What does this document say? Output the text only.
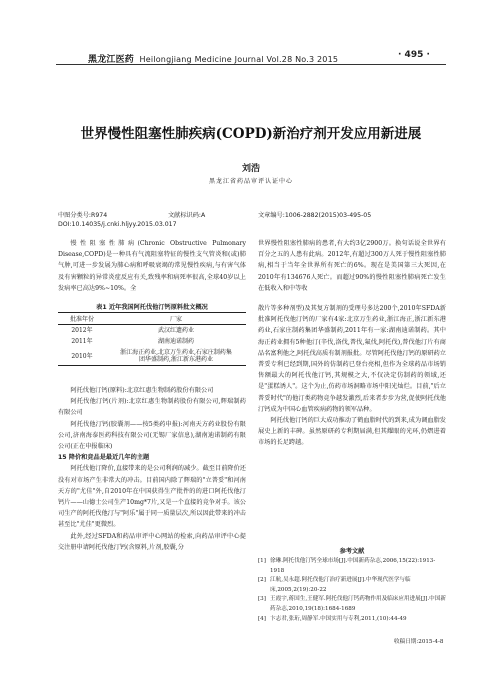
黑龙江医药 Heilongjiang Medicine Journal Vol.28 No.3 2015	· 495 ·
世界慢性阻塞性肺疾病(COPD)新治疗剂开发应用新进展
刘浩
黑龙江省药品审评认证中心
中图分类号:R974	文献标识码:A	文章编号:1006-2882(2015)03-495-05
DOI:10.14035/j.cnki.hljyy.2015.03.017

慢性阻塞性肺病(Chronic Obstructive Pulmonary Disease,COPD)是一种具有气流阻塞特征的慢性支气管炎和(或)肺气肿,可进一步发展为肺心病和呼吸衰竭的常见慢性疾病,与有害气体及有害颗粒的异常炎症反应有关,致残率和病死率很高,全球40岁以上发病率已高达9%~10%。全

世界慢性阻塞性肺病的患者,有大约3亿2900万。换句话说全世界有百分之五的人患有此病。2012年,有超过300万人死于慢性阻塞性肺病,相当于当年全世界所有死亡的6%。现在是美国第三大死因,在2010年有134676人死亡。而超过90%的慢性阻塞性肺病死亡发生在低收入和中等收

表1 近年我国阿托伐他汀钙原料批文概况
批准年份	厂家
2012年	武汉红遗药业
2011年	湖南迪诺制药
2010年	浙江海正药业,北京万生药业,石家庄制药集团华盛制药,浙江新东港药业

阿托伐他汀钙(原料):北京红惠生物制药股份有限公司

阿托伐他汀钙(片剂):北京红惠生物制药股份有限公司,辉瑞制药有限公司

阿托伐他汀钙(胶囊剂——按5类药申报):河南天方药业股份有限公司,济南海泰医药科技有限公司(无锡厂家信息),湖南迪诺制药有限公司(正在申报临床)

15 降价和竞品是最近几年的主题

阿托伐他汀降价,直接带来的是公司利润的减少。截至目前降价还没有对市场产生非常大的冲击。目前国内除了辉瑞的"立普妥"和河南天方的"尤佳"外,自2010年在中国获得生产批件的的进口阿托伐他汀钙片——山德士公司生产10mg*7片,又是一个直接的竞争对手。该公司生产的阿托伐他汀与"阿乐"属于同一质量层次,所以因此带来的冲击甚至比"尤佳"更微烈。

此外,经过SFDA和药品审评中心网站的检索,向药品审评中心提交注册申请阿托伐他汀钙(含原料,片剂,胶囊,分

散片等多种剂型)及其复方制剂的受理号多达200个,2010年SFDA新批准阿托伐他汀钙的厂家有4家:北京万生药业,浙江海正,浙江新东港药业,石家庄制药集团华盛制药,2011年有一家:湖南迪诺制药。其中海正药业拥有5种他汀(辛伐,洛伐,普伐,氟伐,阿托伐),普伐他汀片有商品名富利他之,阿托伐高质有制剂报批。尽管阿托伐他汀钙的原研药立普妥专利已经到期,国外的仿制药已登台亮相,但作为全球药品市场销售额最大的阿托伐他汀钙,其规模之大,不仅决定仿制药的领域,还是"蛋糕诱人"。这个为止,仿药市场洞略市场中阳光灿烂。目前,"后立普妥时代"的他汀类药物竞争越发激烈,后来者步步为营,促使阿托伐他汀钙成为中国心血管疾病药物的领军品种。

阿托伐他汀钙的巨大成功推动了鹤血脂时代的到来,成为调血脂发展史上新的丰碑。虽然原研药专利期届满,但其耀眼的光环,仍熠进着市场的长足跨越。

参考文献
[1] 徐琳.阿托伐他汀钙全球市场[J].中国新药杂志,2006,15(22):1913-1918
[2] 江航,吴永超.阿托伐他汀治疗新进展[J].中华现代医学与临床,2005,2(19):20-22
[3] 王霞宇,蒋国生,王健军.阿托伐他汀钙药物作用及临床应用进展[J].中国新药杂志,2010,19(18):1684-1689
[4] 卞志君,张珩,周静军.中国实用与专利,2011,(10):44-49
收稿日期:2015-4-8
